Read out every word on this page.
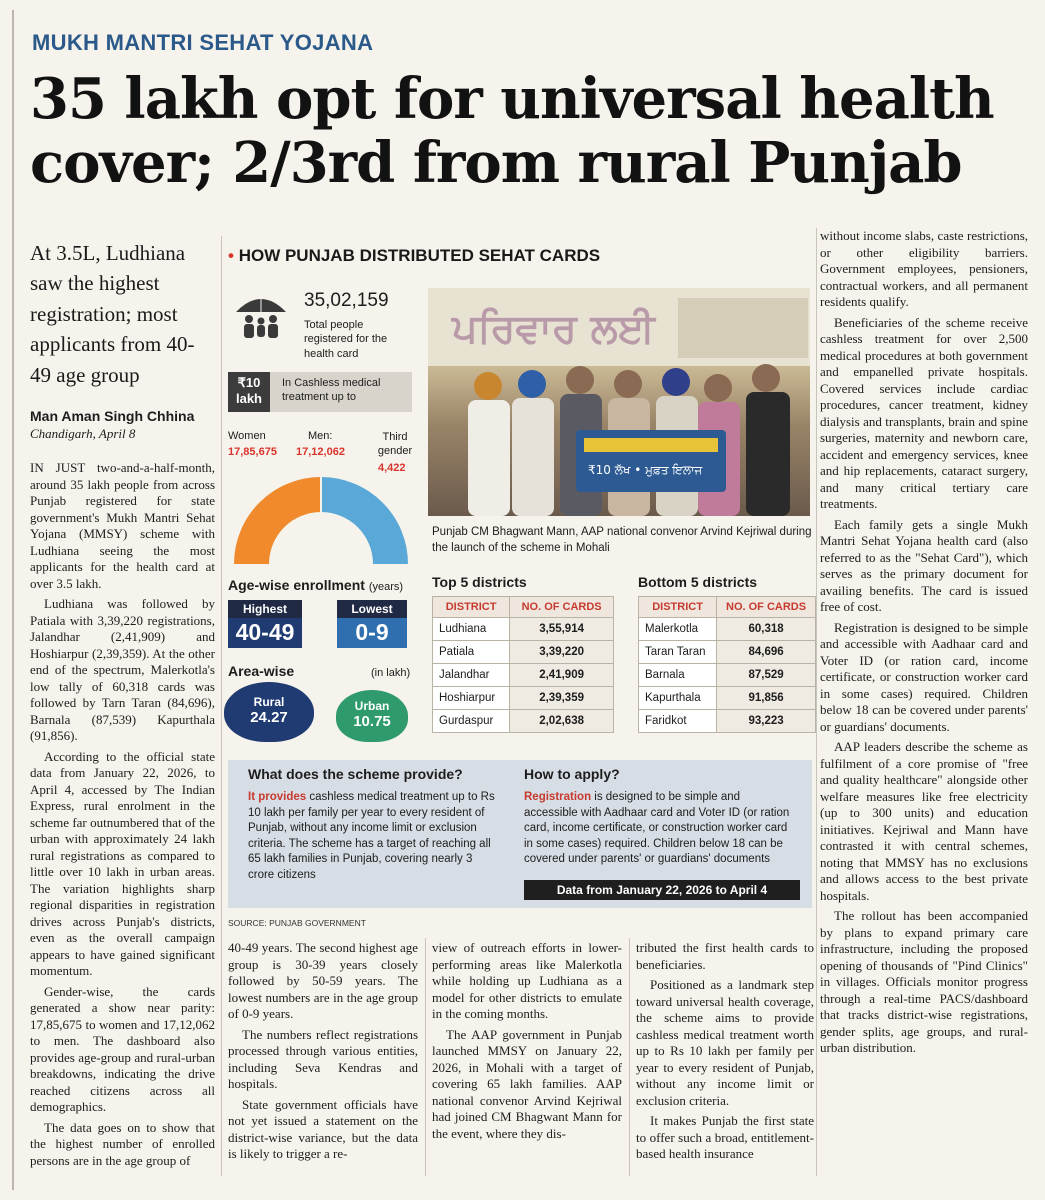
MUKH MANTRI SEHAT YOJANA
35 lakh opt for universal health
cover; 2/3rd from rural Punjab
At 3.5L, Ludhiana saw the highest registration; most applicants from 40-49 age group
Man Aman Singh Chhina
Chandigarh, April 8

IN JUST two-and-a-half-month, around 35 lakh people from across Punjab registered for state government's Mukh Mantri Sehat Yojana (MMSY) scheme with Ludhiana seeing the most applicants for the health card at over 3.5 lakh.

Ludhiana was followed by Patiala with 3,39,220 registrations, Jalandhar (2,41,909) and Hoshiarpur (2,39,359). At the other end of the spectrum, Malerkotla's low tally of 60,318 cards was followed by Tarn Taran (84,696), Barnala (87,539) Kapurthala (91,856).

According to the official state data from January 22, 2026, to April 4, accessed by The Indian Express, rural enrolment in the scheme far outnumbered that of the urban with approximately 24 lakh rural registrations as compared to little over 10 lakh in urban areas. The variation highlights sharp regional disparities in registration drives across Punjab's districts, even as the overall campaign appears to have gained significant momentum.

Gender-wise, the cards generated a show near parity: 17,85,675 to women and 17,12,062 to men. The dashboard also provides age-group and rural-urban breakdowns, indicating the drive reached citizens across all demographics.

The data goes on to show that the highest number of enrolled persons are in the age group of

40-49 years. The second highest age group is 30-39 years closely followed by 50-59 years. The lowest numbers are in the age group of 0-9 years.

The numbers reflect registrations processed through various entities, including Seva Kendras and hospitals.

State government officials have not yet issued a statement on the district-wise variance, but the data is likely to trigger a re-

view of outreach efforts in lower-performing areas like Malerkotla while holding up Ludhiana as a model for other districts to emulate in the coming months.

The AAP government in Punjab launched MMSY on January 22, 2026, in Mohali with a target of covering 65 lakh families. AAP national convenor Arvind Kejriwal had joined CM Bhagwant Mann for the event, where they dis-

tributed the first health cards to beneficiaries.

Positioned as a landmark step toward universal health coverage, the scheme aims to provide cashless medical treatment worth up to Rs 10 lakh per family per year to every resident of Punjab, without any income limit or exclusion criteria.

It makes Punjab the first state to offer such a broad, entitlement-based health insurance

without income slabs, caste restrictions, or other eligibility barriers. Government employees, pensioners, contractual workers, and all permanent residents qualify.

Beneficiaries of the scheme receive cashless treatment for over 2,500 medical procedures at both government and empanelled private hospitals. Covered services include cardiac procedures, cancer treatment, kidney dialysis and transplants, brain and spine surgeries, maternity and newborn care, accident and emergency services, knee and hip replacements, cataract surgery, and many critical tertiary care treatments.

Each family gets a single Mukh Mantri Sehat Yojana health card (also referred to as the "Sehat Card"), which serves as the primary document for availing benefits. The card is issued free of cost.

Registration is designed to be simple and accessible with Aadhaar card and Voter ID (or ration card, income certificate, or construction worker card in some cases) required. Children below 18 can be covered under parents' or guardians' documents.

AAP leaders describe the scheme as fulfilment of a core promise of "free and quality healthcare" alongside other welfare measures like free electricity (up to 300 units) and education initiatives. Kejriwal and Mann have contrasted it with central schemes, noting that MMSY has no exclusions and allows access to the best private hospitals.

The rollout has been accompanied by plans to expand primary care infrastructure, including the proposed opening of thousands of "Pind Clinics" in villages. Officials monitor progress through a real-time PACS/dashboard that tracks district-wise registrations, gender splits, age groups, and rural-urban distribution.

• HOW PUNJAB DISTRIBUTED SEHAT CARDS
35,02,159
Total people registered for the health card
₹10 lakh
In Cashless medical treatment up to
Women
17,85,675
Men:
17,12,062
Third gender
4,422
Age-wise enrollment (years)
Highest
40-49
Lowest
0-9
Area-wise	(in lakh)
Rural
24.27
Urban
10.75
ਪਰਿਵਾਰ ਲਈ
₹10 ਲੱਖ • ਮੁਫ਼ਤ ਇਲਾਜ
Punjab CM Bhagwant Mann, AAP national convenor Arvind Kejriwal during the launch of the scheme in Mohali
Top 5 districts	Bottom 5 districts
DISTRICT	NO. OF CARDS
Ludhiana	3,55,914
Patiala	3,39,220
Jalandhar	2,41,909
Hoshiarpur	2,39,359
Gurdaspur	2,02,638
DISTRICT	NO. OF CARDS
Malerkotla	60,318
Taran Taran	84,696
Barnala	87,529
Kapurthala	91,856
Faridkot	93,223
What does the scheme provide?
It provides cashless medical treatment up to Rs 10 lakh per family per year to every resident of Punjab, without any income limit or exclusion criteria. The scheme has a target of reaching all 65 lakh families in Punjab, covering nearly 3 crore citizens
How to apply?
Registration is designed to be simple and accessible with Aadhaar card and Voter ID (or ration card, income certificate, or construction worker card in some cases) required. Children below 18 can be covered under parents' or guardians' documents
Data from January 22, 2026 to April 4
SOURCE: PUNJAB GOVERNMENT
